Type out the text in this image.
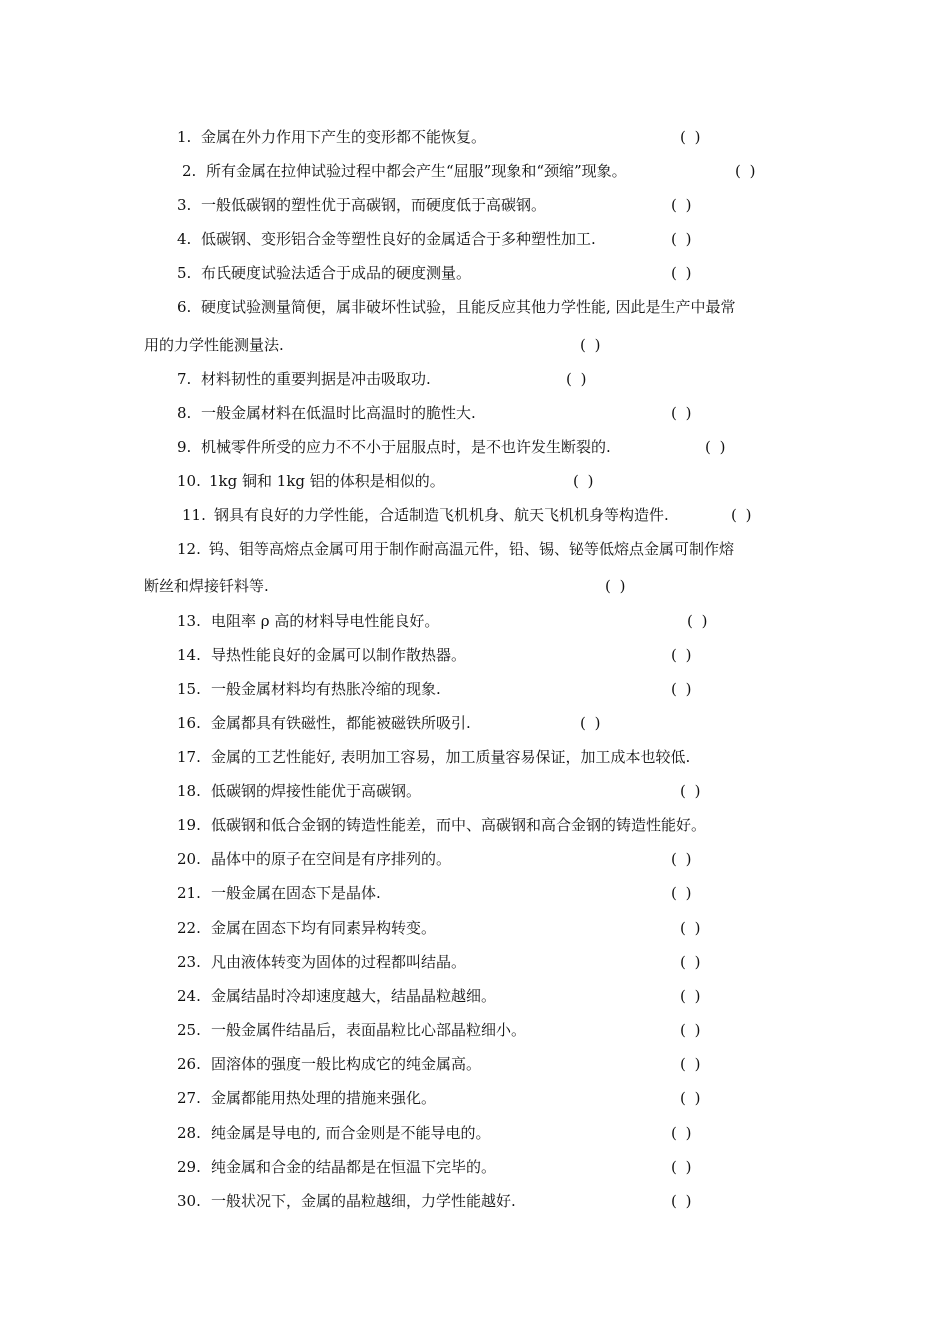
1. 金属在外力作用下产生的变形都不能恢复。	( )
2. 所有金属在拉伸试验过程中都会产生“屈服”现象和“颈缩”现象。	( )
3. 一般低碳钢的塑性优于高碳钢，而硬度低于高碳钢。	( )
4. 低碳钢、变形铝合金等塑性良好的金属适合于多种塑性加工.	( )
5. 布氏硬度试验法适合于成品的硬度测量。	( )
6. 硬度试验测量简便，属非破坏性试验，且能反应其他力学性能, 因此是生产中最常
用的力学性能测量法.	( )
7. 材料韧性的重要判据是冲击吸取功.	( )
8. 一般金属材料在低温时比高温时的脆性大.	( )
9. 机械零件所受的应力不不小于屈服点时，是不也许发生断裂的.	( )
10. 1kg 铜和 1kg 铝的体积是相似的。	( )
11. 钢具有良好的力学性能，合适制造飞机机身、航天飞机机身等构造件.	( )
12. 钨、钼等高熔点金属可用于制作耐高温元件，铅、锡、铋等低熔点金属可制作熔
断丝和焊接钎料等.	( )
13. 电阻率 ρ 高的材料导电性能良好。	( )
14. 导热性能良好的金属可以制作散热器。	( )
15. 一般金属材料均有热胀冷缩的现象.	( )
16. 金属都具有铁磁性，都能被磁铁所吸引.	( )
17. 金属的工艺性能好, 表明加工容易，加工质量容易保证，加工成本也较低.
18. 低碳钢的焊接性能优于高碳钢。	( )
19. 低碳钢和低合金钢的铸造性能差，而中、高碳钢和高合金钢的铸造性能好。
20. 晶体中的原子在空间是有序排列的。	( )
21. 一般金属在固态下是晶体.	( )
22. 金属在固态下均有同素异构转变。	( )
23. 凡由液体转变为固体的过程都叫结晶。	( )
24. 金属结晶时冷却速度越大，结晶晶粒越细。	( )
25. 一般金属件结晶后，表面晶粒比心部晶粒细小。	( )
26. 固溶体的强度一般比构成它的纯金属高。	( )
27. 金属都能用热处理的措施来强化。	( )
28. 纯金属是导电的, 而合金则是不能导电的。	( )
29. 纯金属和合金的结晶都是在恒温下完毕的。	( )
30. 一般状况下，金属的晶粒越细，力学性能越好.	( )
